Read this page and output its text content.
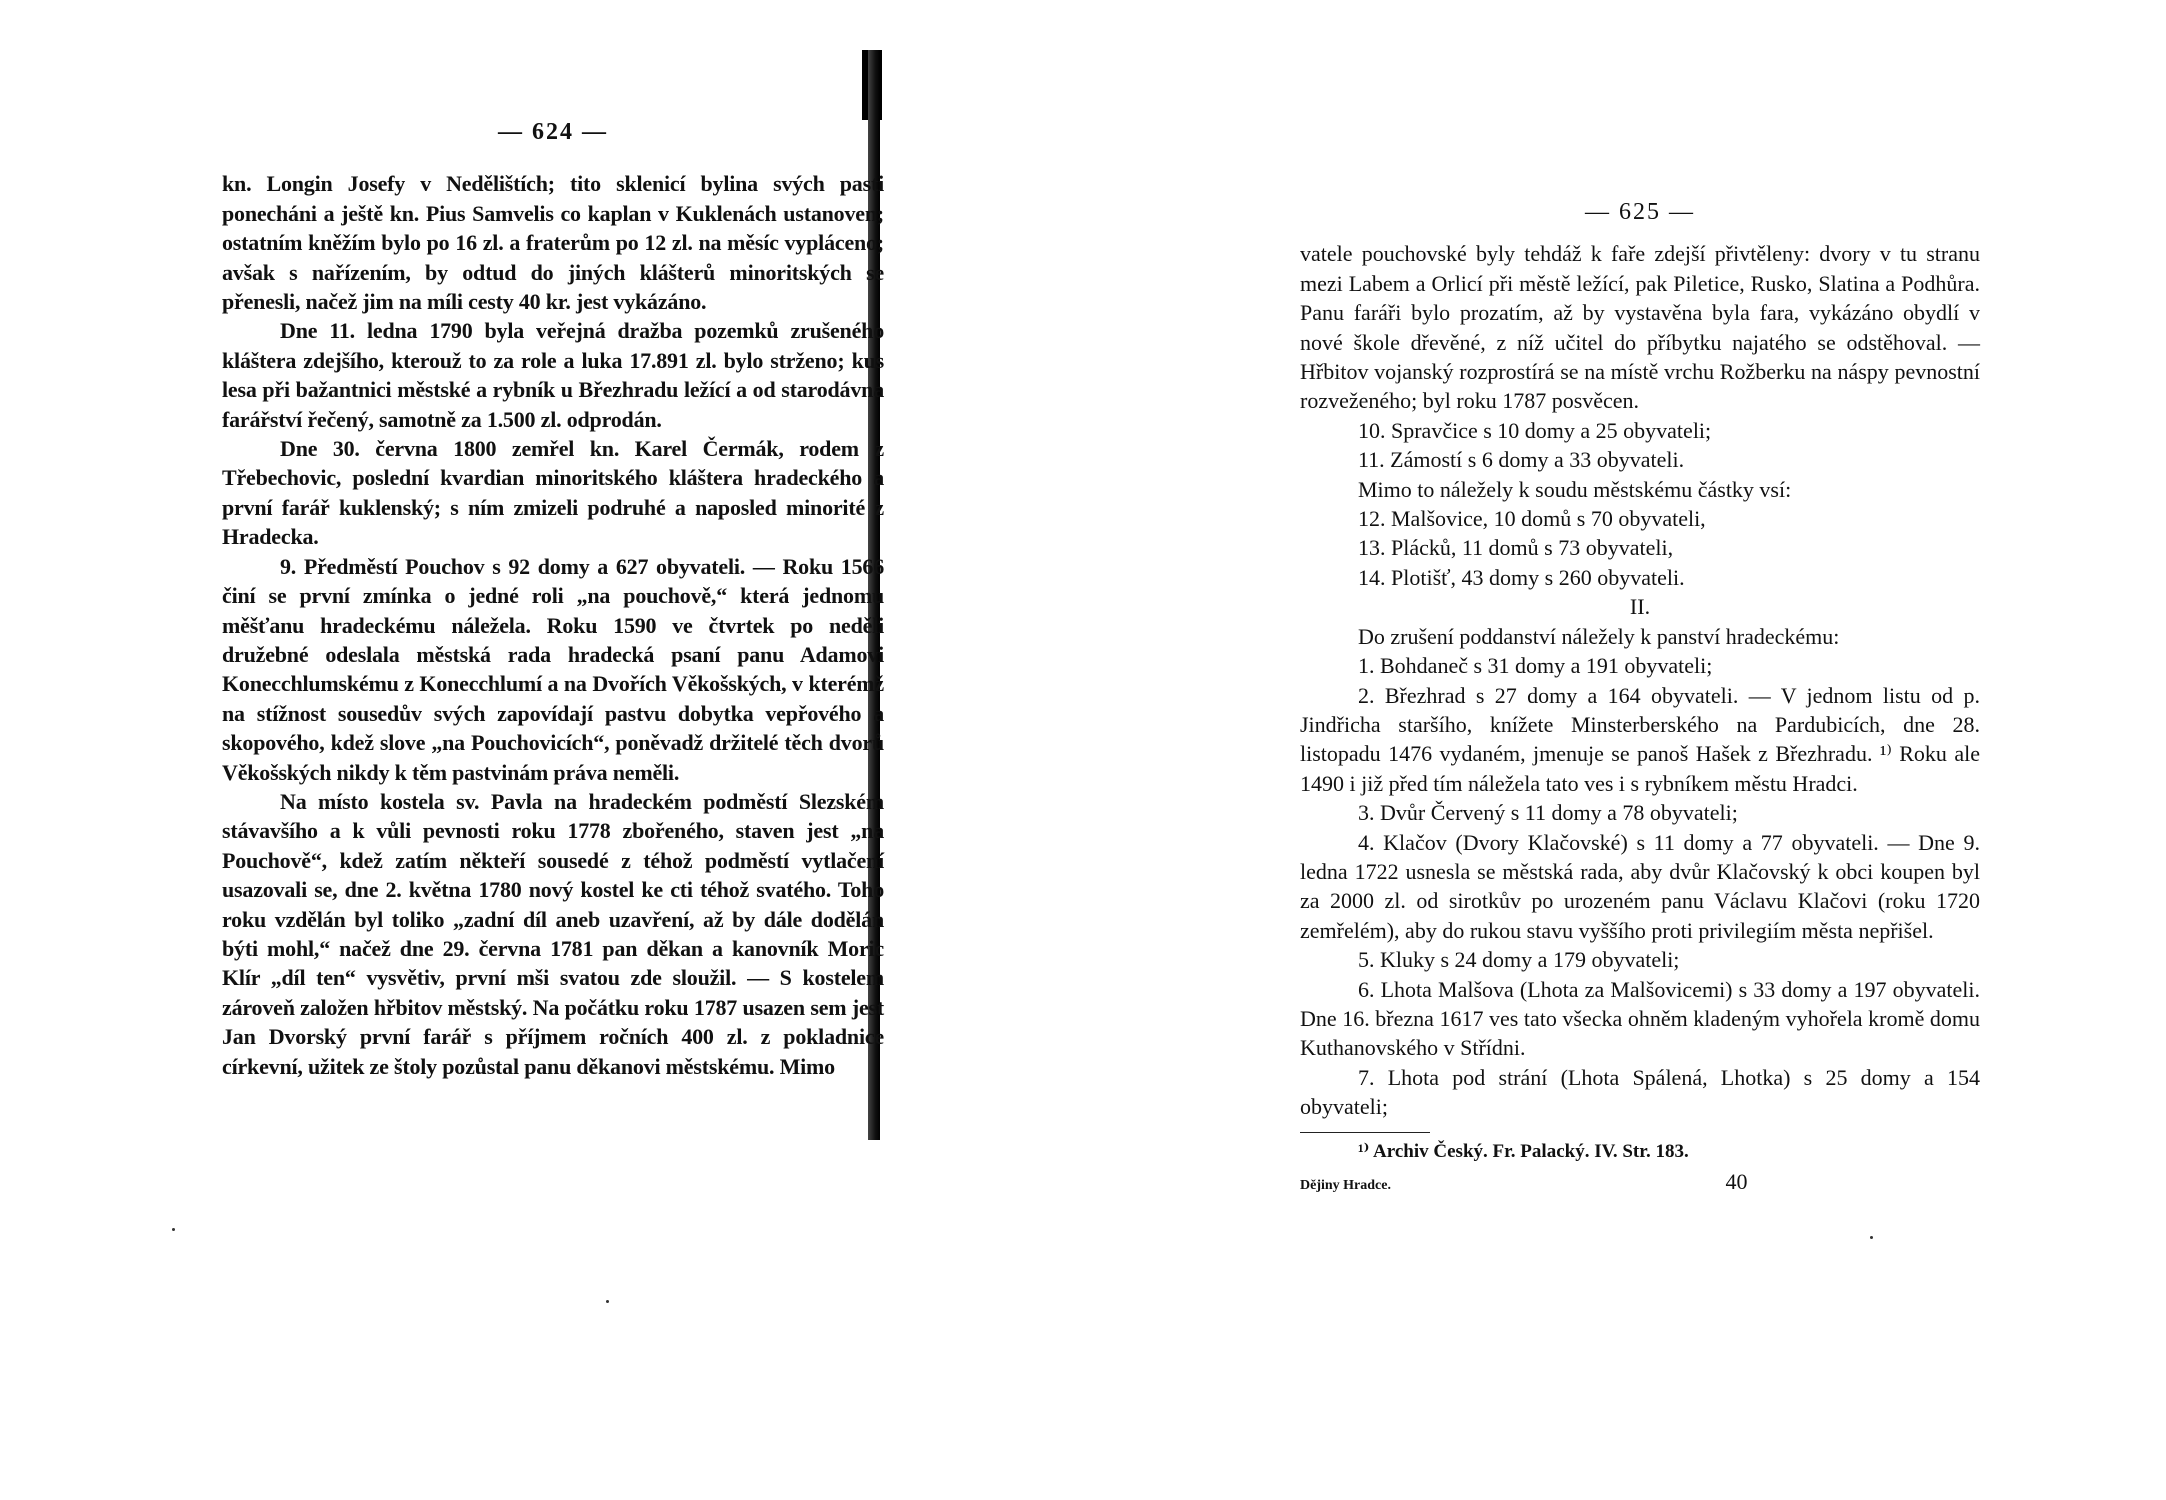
— 624 —

kn. Longin Josefy v Nedělištích; tito sklenicí bylina svých pasti ponecháni a ještě kn. Pius Samvelis co kaplan v Kuklenách ustanoven; ostatním kněžím bylo po 16 zl. a fraterům po 12 zl. na měsíc vypláceno; avšak s nařízením, by odtud do jiných klášterů minoritských se přenesli, načež jim na míli cesty 40 kr. jest vykázáno.

Dne 11. ledna 1790 byla veřejná dražba pozemků zrušeného kláštera zdejšího, kterouž to za role a luka 17.891 zl. bylo strženo; kus lesa při bažantnici městské a rybník u Březhradu ležící a od starodávna farářství řečený, samotně za 1.500 zl. odprodán.

Dne 30. června 1800 zemřel kn. Karel Čermák, rodem z Třebechovic, poslední kvardian minoritského kláštera hradeckého a první farář kuklenský; s ním zmizeli podruhé a naposled minorité z Hradecka.

9. Předměstí Pouchov s 92 domy a 627 obyvateli. — Roku 1566 činí se první zmínka o jedné roli „na pouchově,“ která jednomu měšťanu hradeckému náležela. Roku 1590 ve čtvrtek po neděli družebné odeslala městská rada hradecká psaní panu Adamovi Konecchlumskému z Konecchlumí a na Dvořích Věkošských, v kterémž na stížnost sousedův svých zapovídají pastvu dobytka vepřového a skopového, kdež slove „na Pouchovicích“, poněvadž držitelé těch dvorů Věkošských nikdy k těm pastvinám práva neměli.

Na místo kostela sv. Pavla na hradeckém podměstí Slezském stávavšího a k vůli pevnosti roku 1778 zbořeného, staven jest „na Pouchově“, kdež zatím někteří sousedé z téhož podměstí vytlačení usazovali se, dne 2. května 1780 nový kostel ke cti téhož svatého. Toho roku vzdělán byl toliko „zadní díl aneb uzavření, až by dále dodělán býti mohl,“ načež dne 29. června 1781 pan děkan a kanovník Moric Klír „díl ten“ vysvětiv, první mši svatou zde sloužil. — S kostelem zároveň založen hřbitov městský. Na počátku roku 1787 usazen sem jest Jan Dvorský první farář s příjmem ročních 400 zl. z pokladnice církevní, užitek ze štoly pozůstal panu děkanovi městskému. Mimo

— 625 —

vatele pouchovské byly tehdáž k faře zdejší přivtěleny: dvory v tu stranu mezi Labem a Orlicí při městě ležící, pak Piletice, Rusko, Slatina a Podhůra. Panu faráři bylo prozatím, až by vystavěna byla fara, vykázáno obydlí v nové škole dřevěné, z níž učitel do příbytku najatého se odstěhoval. — Hřbitov vojanský rozprostírá se na místě vrchu Rožberku na náspy pevnostní rozveženého; byl roku 1787 posvěcen.

10. Spravčice s 10 domy a 25 obyvateli;

11. Zámostí s 6 domy a 33 obyvateli.

Mimo to náležely k soudu městskému částky vsí:

12. Malšovice, 10 domů s 70 obyvateli,

13. Plácků, 11 domů s 73 obyvateli,

14. Plotišť, 43 domy s 260 obyvateli.

II.

Do zrušení poddanství náležely k panství hradeckému:

1. Bohdaneč s 31 domy a 191 obyvateli;

2. Březhrad s 27 domy a 164 obyvateli. — V jednom listu od p. Jindřicha staršího, knížete Minsterberského na Pardubicích, dne 28. listopadu 1476 vydaném, jmenuje se panoš Hašek z Březhradu. ¹⁾ Roku ale 1490 i již před tím náležela tato ves i s rybníkem městu Hradci.

3. Dvůr Červený s 11 domy a 78 obyvateli;

4. Klačov (Dvory Klačovské) s 11 domy a 77 obyvateli. — Dne 9. ledna 1722 usnesla se městská rada, aby dvůr Klačovský k obci koupen byl za 2000 zl. od sirotkův po urozeném panu Václavu Klačovi (roku 1720 zemřelém), aby do rukou stavu vyššího proti privilegiím města nepřišel.

5. Kluky s 24 domy a 179 obyvateli;

6. Lhota Malšova (Lhota za Malšovicemi) s 33 domy a 197 obyvateli. Dne 16. března 1617 ves tato všecka ohněm kladeným vyhořela kromě domu Kuthanovského v Střídni.

7. Lhota pod strání (Lhota Spálená, Lhotka) s 25 domy a 154 obyvateli;

¹⁾ Archiv Český. Fr. Palacký. IV. Str. 183.
Dějiny Hradce.	40
